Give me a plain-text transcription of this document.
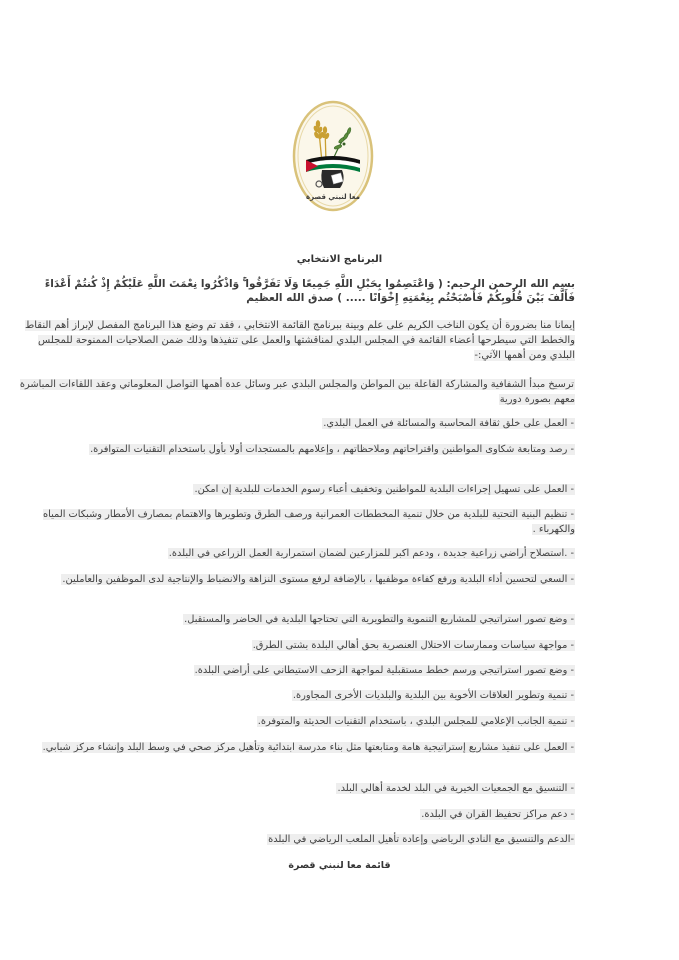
معا لنبني قصرة
البرنامج الانتخابي
بسم الله الرحمن الرحيم: ( وَاعْتَصِمُوا بِحَبْلِ اللَّهِ جَمِيعًا وَلَا تَفَرَّقُوا ۚ وَاذْكُرُوا نِعْمَتَ اللَّهِ عَلَيْكُمْ إِذْ كُنتُمْ أَعْدَاءً فَأَلَّفَ بَيْنَ قُلُوبِكُمْ فَأَصْبَحْتُم بِنِعْمَتِهِ إِخْوَانًا ..... ) صدق الله العظيم
إيمانا منا بضرورة أن يكون الناخب الكريم على علم وبينة ببرنامج القائمة الانتخابي ، فقد تم وضع هذا البرنامج المفصل لإبراز أهم النقاط والخطط التي سيطرحها أعضاء القائمة في المجلس البلدي لمناقشتها والعمل على تنفيذها وذلك ضمن الصلاحيات الممنوحة للمجلس البلدي ومن أهمها الآتي:-
ترسيخ مبدأ الشفافية والمشاركة الفاعلة بين المواطن والمجلس البلدي عبر وسائل عدة أهمها التواصل المعلوماتي وعقد اللقاءات المباشرة معهم بصورة دورية
- العمل على خلق ثقافة المحاسبة والمسائلة في العمل البلدي.
- رصد ومتابعة شكاوى المواطنين واقتراحاتهم وملاحظاتهم ، وإعلامهم بالمستجدات أولا بأول باستخدام التقنيات المتوافرة.
- العمل على تسهيل إجراءات البلدية للمواطنين وتخفيف أعباء رسوم الخدمات للبلدية إن امكن.
- تنظيم البنية التحتية للبلدية من خلال تنمية المخططات العمرانية ورصف الطرق وتطويرها والاهتمام بمصارف الأمطار وشبكات المياه والكهرباء .
- .استصلاح أراضي زراعية جديدة ، ودعم اكبر للمزارعين لضمان استمرارية العمل الزراعي في البلدة.
- السعي لتحسين أداء البلدية ورفع كفاءة موظفيها ، بالإضافة لرفع مستوى النزاهة والانضباط والإنتاجية لدى الموظفين والعاملين.
- وضع تصور استراتيجي للمشاريع التنموية والتطويرية التي تحتاجها البلدية في الحاضر والمستقبل.
- مواجهة سياسات وممارسات الاحتلال العنصرية بحق أهالي البلدة بشتى الطرق.
- وضع تصور استراتيجي ورسم خطط مستقبلية لمواجهة الزحف الاستيطاني على أراضي البلدة.
- تنمية وتطوير العلاقات الأخوية بين البلدية والبلديات الأخرى المجاورة.
- تنمية الجانب الإعلامي للمجلس البلدي ، باستخدام التقنيات الحديثة والمتوفرة.
- العمل على تنفيذ مشاريع إستراتيجية هامة ومتابعتها مثل بناء مدرسة ابتدائية وتأهيل مركز صحي في وسط البلد وإنشاء مركز شبابي.
- التنسيق مع الجمعيات الخيرية في البلد لخدمة أهالي البلد.
- دعم مراكز تحفيظ القران في البلدة.
-الدعم والتنسيق مع النادي الرياضي وإعادة تأهيل الملعب الرياضي في البلدة
قائمة معا لنبني قصرة
